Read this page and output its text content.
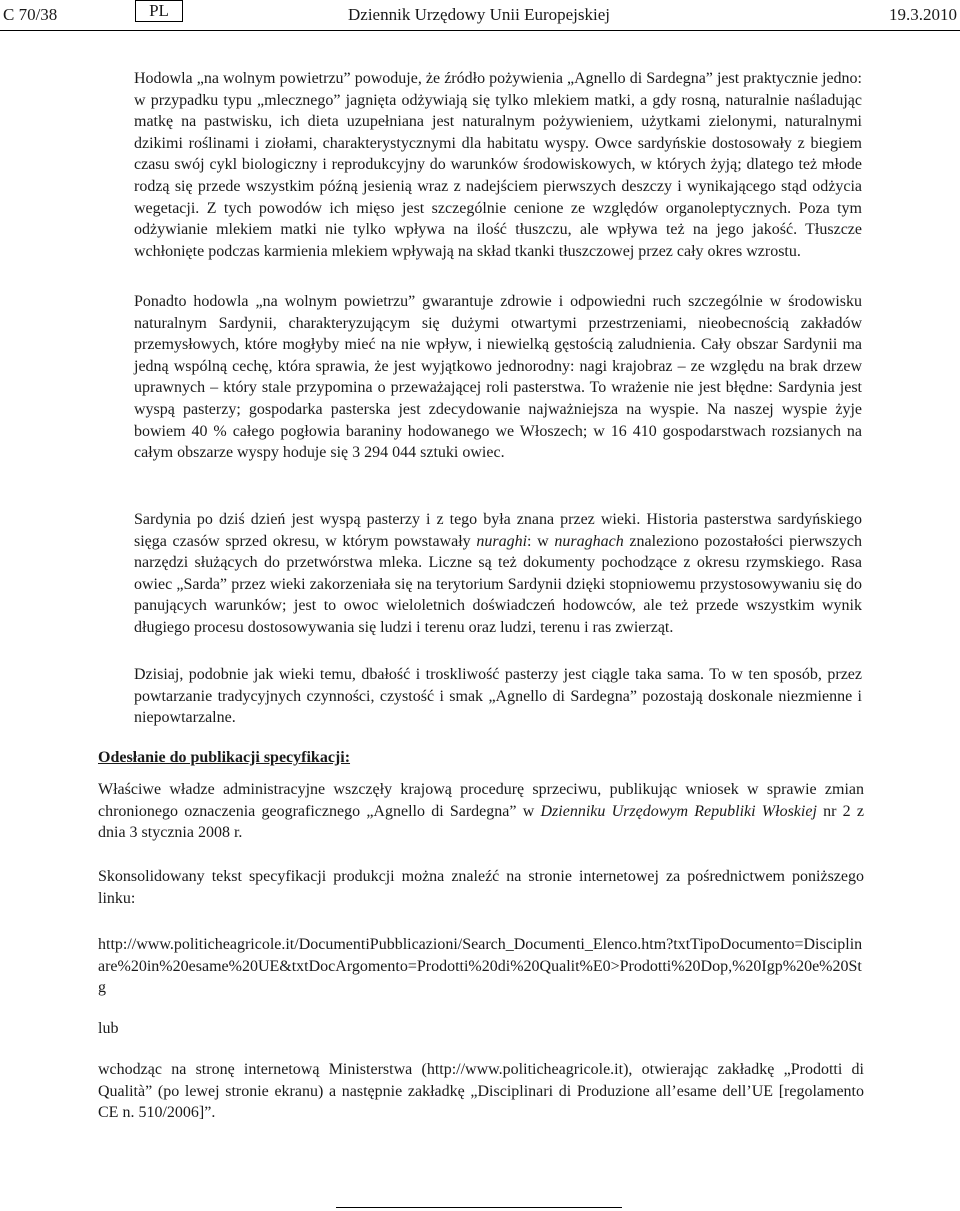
C 70/38	PL	Dziennik Urzędowy Unii Europejskiej	19.3.2010
Hodowla „na wolnym powietrzu” powoduje, że źródło pożywienia „Agnello di Sardegna” jest praktycznie jedno: w przypadku typu „mlecznego” jagnięta odżywiają się tylko mlekiem matki, a gdy rosną, naturalnie naśladując matkę na pastwisku, ich dieta uzupełniana jest naturalnym pożywieniem, użytkami zielonymi, naturalnymi dzikimi roślinami i ziołami, charakterystycznymi dla habitatu wyspy. Owce sardyńskie dostosowały z biegiem czasu swój cykl biologiczny i reprodukcyjny do warunków środowiskowych, w których żyją; dlatego też młode rodzą się przede wszystkim późną jesienią wraz z nadejściem pierwszych deszczy i wynikającego stąd odżycia wegetacji. Z tych powodów ich mięso jest szczególnie cenione ze względów organoleptycznych. Poza tym odżywianie mlekiem matki nie tylko wpływa na ilość tłuszczu, ale wpływa też na jego jakość. Tłuszcze wchłonięte podczas karmienia mlekiem wpływają na skład tkanki tłuszczowej przez cały okres wzrostu.
Ponadto hodowla „na wolnym powietrzu” gwarantuje zdrowie i odpowiedni ruch szczególnie w środowisku naturalnym Sardynii, charakteryzującym się dużymi otwartymi przestrzeniami, nieobecnością zakładów przemysłowych, które mogłyby mieć na nie wpływ, i niewielką gęstością zaludnienia. Cały obszar Sardynii ma jedną wspólną cechę, która sprawia, że jest wyjątkowo jednorodny: nagi krajobraz – ze względu na brak drzew uprawnych – który stale przypomina o przeważającej roli pasterstwa. To wrażenie nie jest błędne: Sardynia jest wyspą pasterzy; gospodarka pasterska jest zdecydowanie najważniejsza na wyspie. Na naszej wyspie żyje bowiem 40 % całego pogłowia baraniny hodowanego we Włoszech; w 16 410 gospodarstwach rozsianych na całym obszarze wyspy hoduje się 3 294 044 sztuki owiec.
Sardynia po dziś dzień jest wyspą pasterzy i z tego była znana przez wieki. Historia pasterstwa sardyńskiego sięga czasów sprzed okresu, w którym powstawały nuraghi: w nuraghach znaleziono pozostałości pierwszych narzędzi służących do przetwórstwa mleka. Liczne są też dokumenty pochodzące z okresu rzymskiego. Rasa owiec „Sarda” przez wieki zakorzeniała się na terytorium Sardynii dzięki stopniowemu przystosowywaniu się do panujących warunków; jest to owoc wieloletnich doświadczeń hodowców, ale też przede wszystkim wynik długiego procesu dostosowywania się ludzi i terenu oraz ludzi, terenu i ras zwierząt.
Dzisiaj, podobnie jak wieki temu, dbałość i troskliwość pasterzy jest ciągle taka sama. To w ten sposób, przez powtarzanie tradycyjnych czynności, czystość i smak „Agnello di Sardegna” pozostają doskonale niezmienne i niepowtarzalne.
Odesłanie do publikacji specyfikacji:
Właściwe władze administracyjne wszczęły krajową procedurę sprzeciwu, publikując wniosek w sprawie zmian chronionego oznaczenia geograficznego „Agnello di Sardegna” w Dzienniku Urzędowym Republiki Włoskiej nr 2 z dnia 3 stycznia 2008 r.
Skonsolidowany tekst specyfikacji produkcji można znaleźć na stronie internetowej za pośrednictwem poniższego linku:
http://www.politicheagricole.it/DocumentiPubblicazioni/Search_Documenti_Elenco.htm?txtTipoDocumento=Disciplinare%20in%20esame%20UE&txtDocArgomento=Prodotti%20di%20Qualit%E0>Prodotti%20Dop,%20Igp%20e%20Stg
lub
wchodząc na stronę internetową Ministerstwa (http://www.politicheagricole.it), otwierając zakładkę „Prodotti di Qualità” (po lewej stronie ekranu) a następnie zakładkę „Disciplinari di Produzione all’esame dell’UE [regolamento CE n. 510/2006]”.
